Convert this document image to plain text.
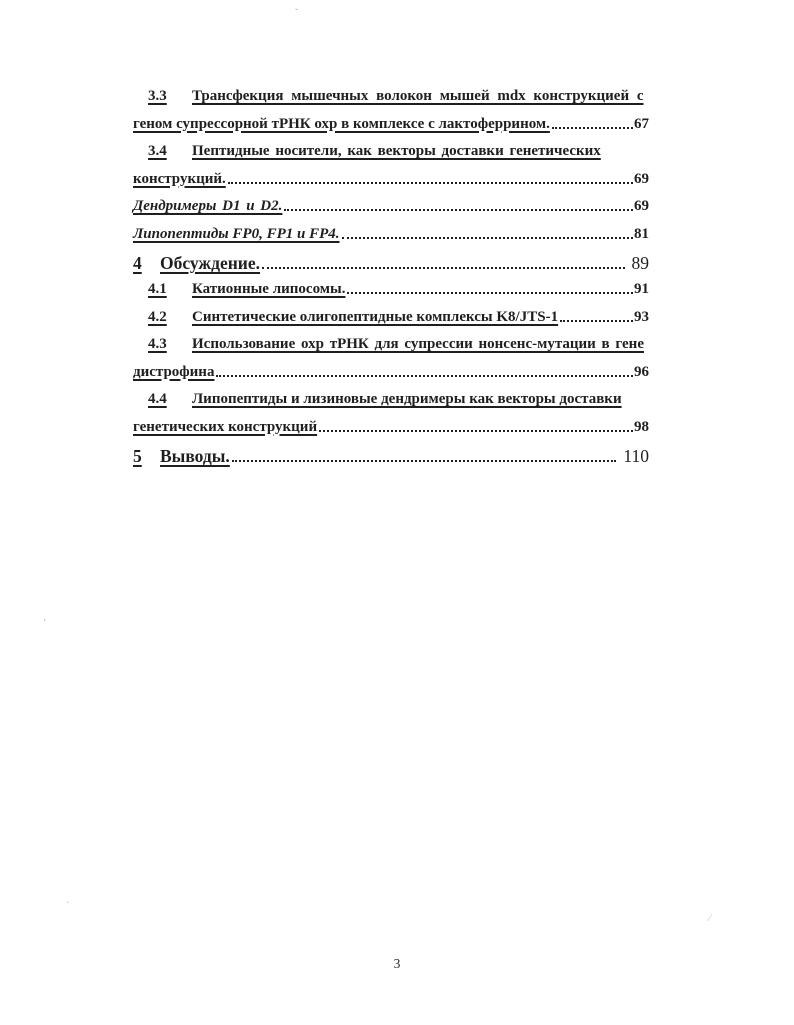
3.3	Трансфекция мышечных волокон мышей mdx конструкцией с
геном супрессорной тРНК охр в комплексе с лактоферрином.	67
3.4	Пептидные носители, как векторы доставки генетических
конструкций.	69
Дендримеры D1 и D2.	69
Липопептиды FP0, FP1 и FP4.	81
4	Обсуждение.	89
4.1	Катионные липосомы.	91
4.2	Синтетические олигопептидные комплексы K8/JTS-1	93
4.3	Использование охр тРНК для супрессии нонсенс-мутации в гене
дистрофина	96
4.4	Липопептиды и лизиновые дендримеры как векторы доставки
генетических конструкций	98
5	Выводы.	110
3
ˇ
ʼ
·
⁄
